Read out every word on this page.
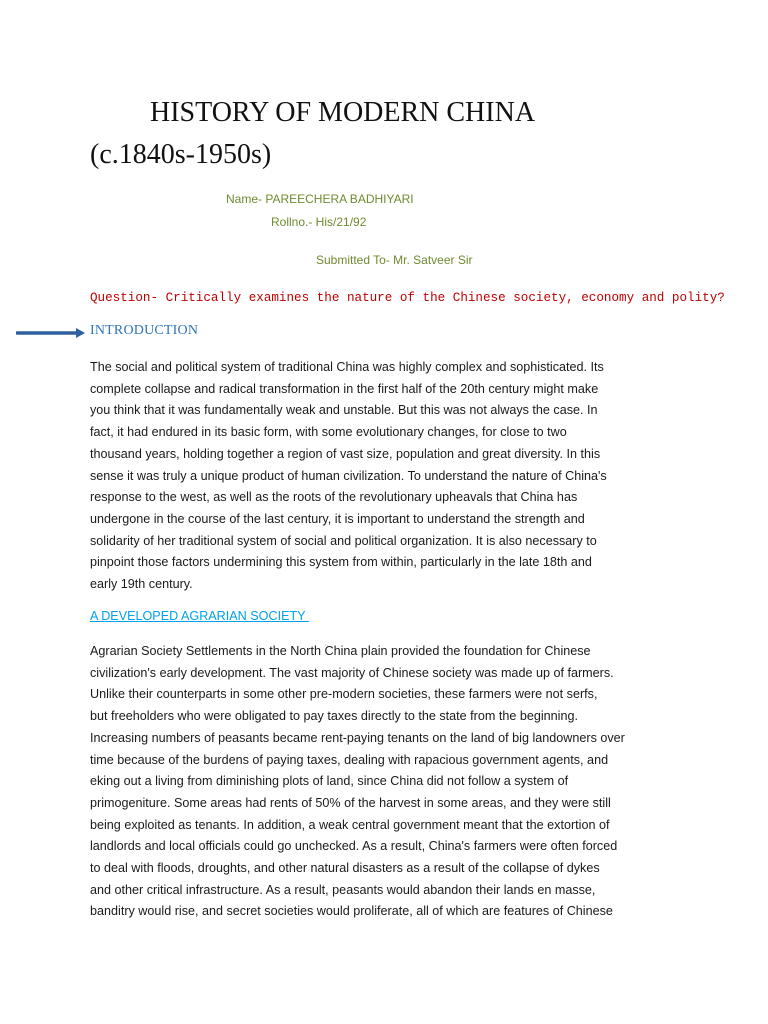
HISTORY OF MODERN CHINA
(c.1840s-1950s)
Name- PAREECHERA BADHIYARI
Rollno.- His/21/92
Submitted To- Mr. Satveer Sir
Question- Critically examines the nature of the Chinese society, economy and polity?
INTRODUCTION
The social and political system of traditional China was highly complex and sophisticated. Its
complete collapse and radical transformation in the first half of the 20th century might make
you think that it was fundamentally weak and unstable. But this was not always the case. In
fact, it had endured in its basic form, with some evolutionary changes, for close to two
thousand years, holding together a region of vast size, population and great diversity. In this
sense it was truly a unique product of human civilization. To understand the nature of China's
response to the west, as well as the roots of the revolutionary upheavals that China has
undergone in the course of the last century, it is important to understand the strength and
solidarity of her traditional system of social and political organization. It is also necessary to
pinpoint those factors undermining this system from within, particularly in the late 18th and
early 19th century.
A DEVELOPED AGRARIAN SOCIETY
Agrarian Society Settlements in the North China plain provided the foundation for Chinese
civilization's early development. The vast majority of Chinese society was made up of farmers.
Unlike their counterparts in some other pre-modern societies, these farmers were not serfs,
but freeholders who were obligated to pay taxes directly to the state from the beginning.
Increasing numbers of peasants became rent-paying tenants on the land of big landowners over
time because of the burdens of paying taxes, dealing with rapacious government agents, and
eking out a living from diminishing plots of land, since China did not follow a system of
primogeniture. Some areas had rents of 50% of the harvest in some areas, and they were still
being exploited as tenants. In addition, a weak central government meant that the extortion of
landlords and local officials could go unchecked. As a result, China's farmers were often forced
to deal with floods, droughts, and other natural disasters as a result of the collapse of dykes
and other critical infrastructure. As a result, peasants would abandon their lands en masse,
banditry would rise, and secret societies would proliferate, all of which are features of Chinese
